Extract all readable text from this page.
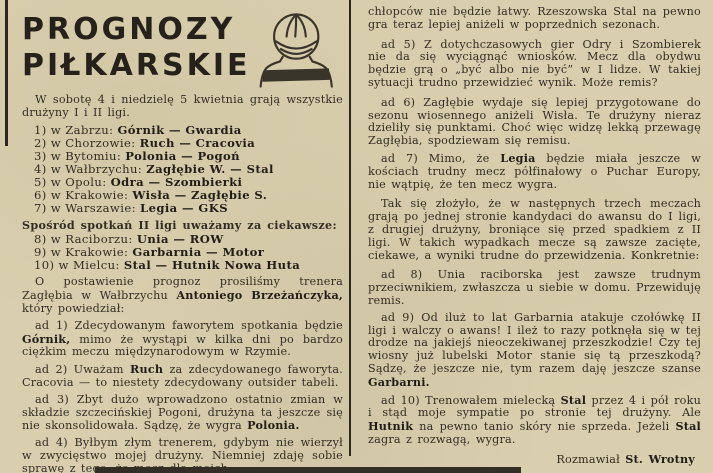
PROGNOZY
PIŁKARSKIE

W sobotę 4 i niedzielę 5 kwietnia grają wszystkie drużyny I i II ligi.

1) w Zabrzu: Górnik — Gwardia
2) w Chorzowie: Ruch — Cracovia
3) w Bytomiu: Polonia — Pogoń
4) w Wałbrzychu: Zagłębie W. — Stal
5) w Opolu: Odra — Szombierki
6) w Krakowie: Wisła — Zagłębie S.
7) w Warszawie: Legia — GKS

Spośród spotkań II ligi uważamy za ciekawsze:

8) w Raciborzu: Unia — ROW
9) w Krakowie: Garbarnia — Motor
10) w Mielcu: Stal — Hutnik Nowa Huta

O postawienie prognoz prosiliśmy trenera Zagłębia w Wałbrzychu Antoniego Brzeżańczyka, który powiedział:

ad 1) Zdecydowanym faworytem spotkania będzie Górnik, mimo że wystąpi w kilka dni po bardzo ciężkim meczu międzynarodowym w Rzymie.

ad 2) Uważam Ruch za zdecydowanego faworyta. Cracovia — to niestety zdecydowany outsider tabeli.

ad 3) Zbyt dużo wprowadzono ostatnio zmian w składzie szczecińskiej Pogoni, drużyna ta jeszcze się nie skonsolidowała. Sądzę, że wygra Polonia.

ad 4) Byłbym złym trenerem, gdybym nie wierzył w zwycięstwo mojej drużyny. Niemniej zdaję sobie sprawę z tego, że mecz dla moich

chłopców nie będzie łatwy. Rzeszowska Stal na pewno gra teraz lepiej aniżeli w poprzednich sezonach.

ad 5) Z dotychczasowych gier Odry i Szombierek nie da się wyciągnąć wniosków. Mecz dla obydwu będzie grą o „być albo nie być” w I lidze. W takiej sytuacji trudno przewidzieć wynik. Może remis?

ad 6) Zagłębie wydaje się lepiej przygotowane do sezonu wiosennego aniżeli Wisła. Te drużyny nieraz dzieliły się punktami. Choć więc widzę lekką przewagę Zagłębia, spodziewam się remisu.

ad 7) Mimo, że Legia będzie miała jeszcze w kościach trudny mecz półfinałowy o Puchar Europy, nie wątpię, że ten mecz wygra.

Tak się złożyło, że w następnych trzech meczach grają po jednej stronie kandydaci do awansu do I ligi, z drugiej drużyny, broniące się przed spadkiem z II ligi. W takich wypadkach mecze są zawsze zacięte, ciekawe, a wyniki trudne do przewidzenia. Konkretnie:

ad 8) Unia raciborska jest zawsze trudnym przeciwnikiem, zwłaszcza u siebie w domu. Przewiduję remis.

ad 9) Od iluż to lat Garbarnia atakuje czołówkę II ligi i walczy o awans! I ileż to razy potknęła się w tej drodze na jakiejś nieoczekiwanej przeszkodzie! Czy tej wiosny już lubelski Motor stanie się tą przeszkodą? Sądzę, że jeszcze nie, tym razem daję jeszcze szanse Garbarni.

ad 10) Trenowałem mielecką Stal przez 4 i pół roku i stąd moje sympatie po stronie tej drużyny. Ale Hutnik na pewno tanio skóry nie sprzeda. Jeżeli Stal zagra z rozwagą, wygra.

Rozmawiał St. Wrotny
